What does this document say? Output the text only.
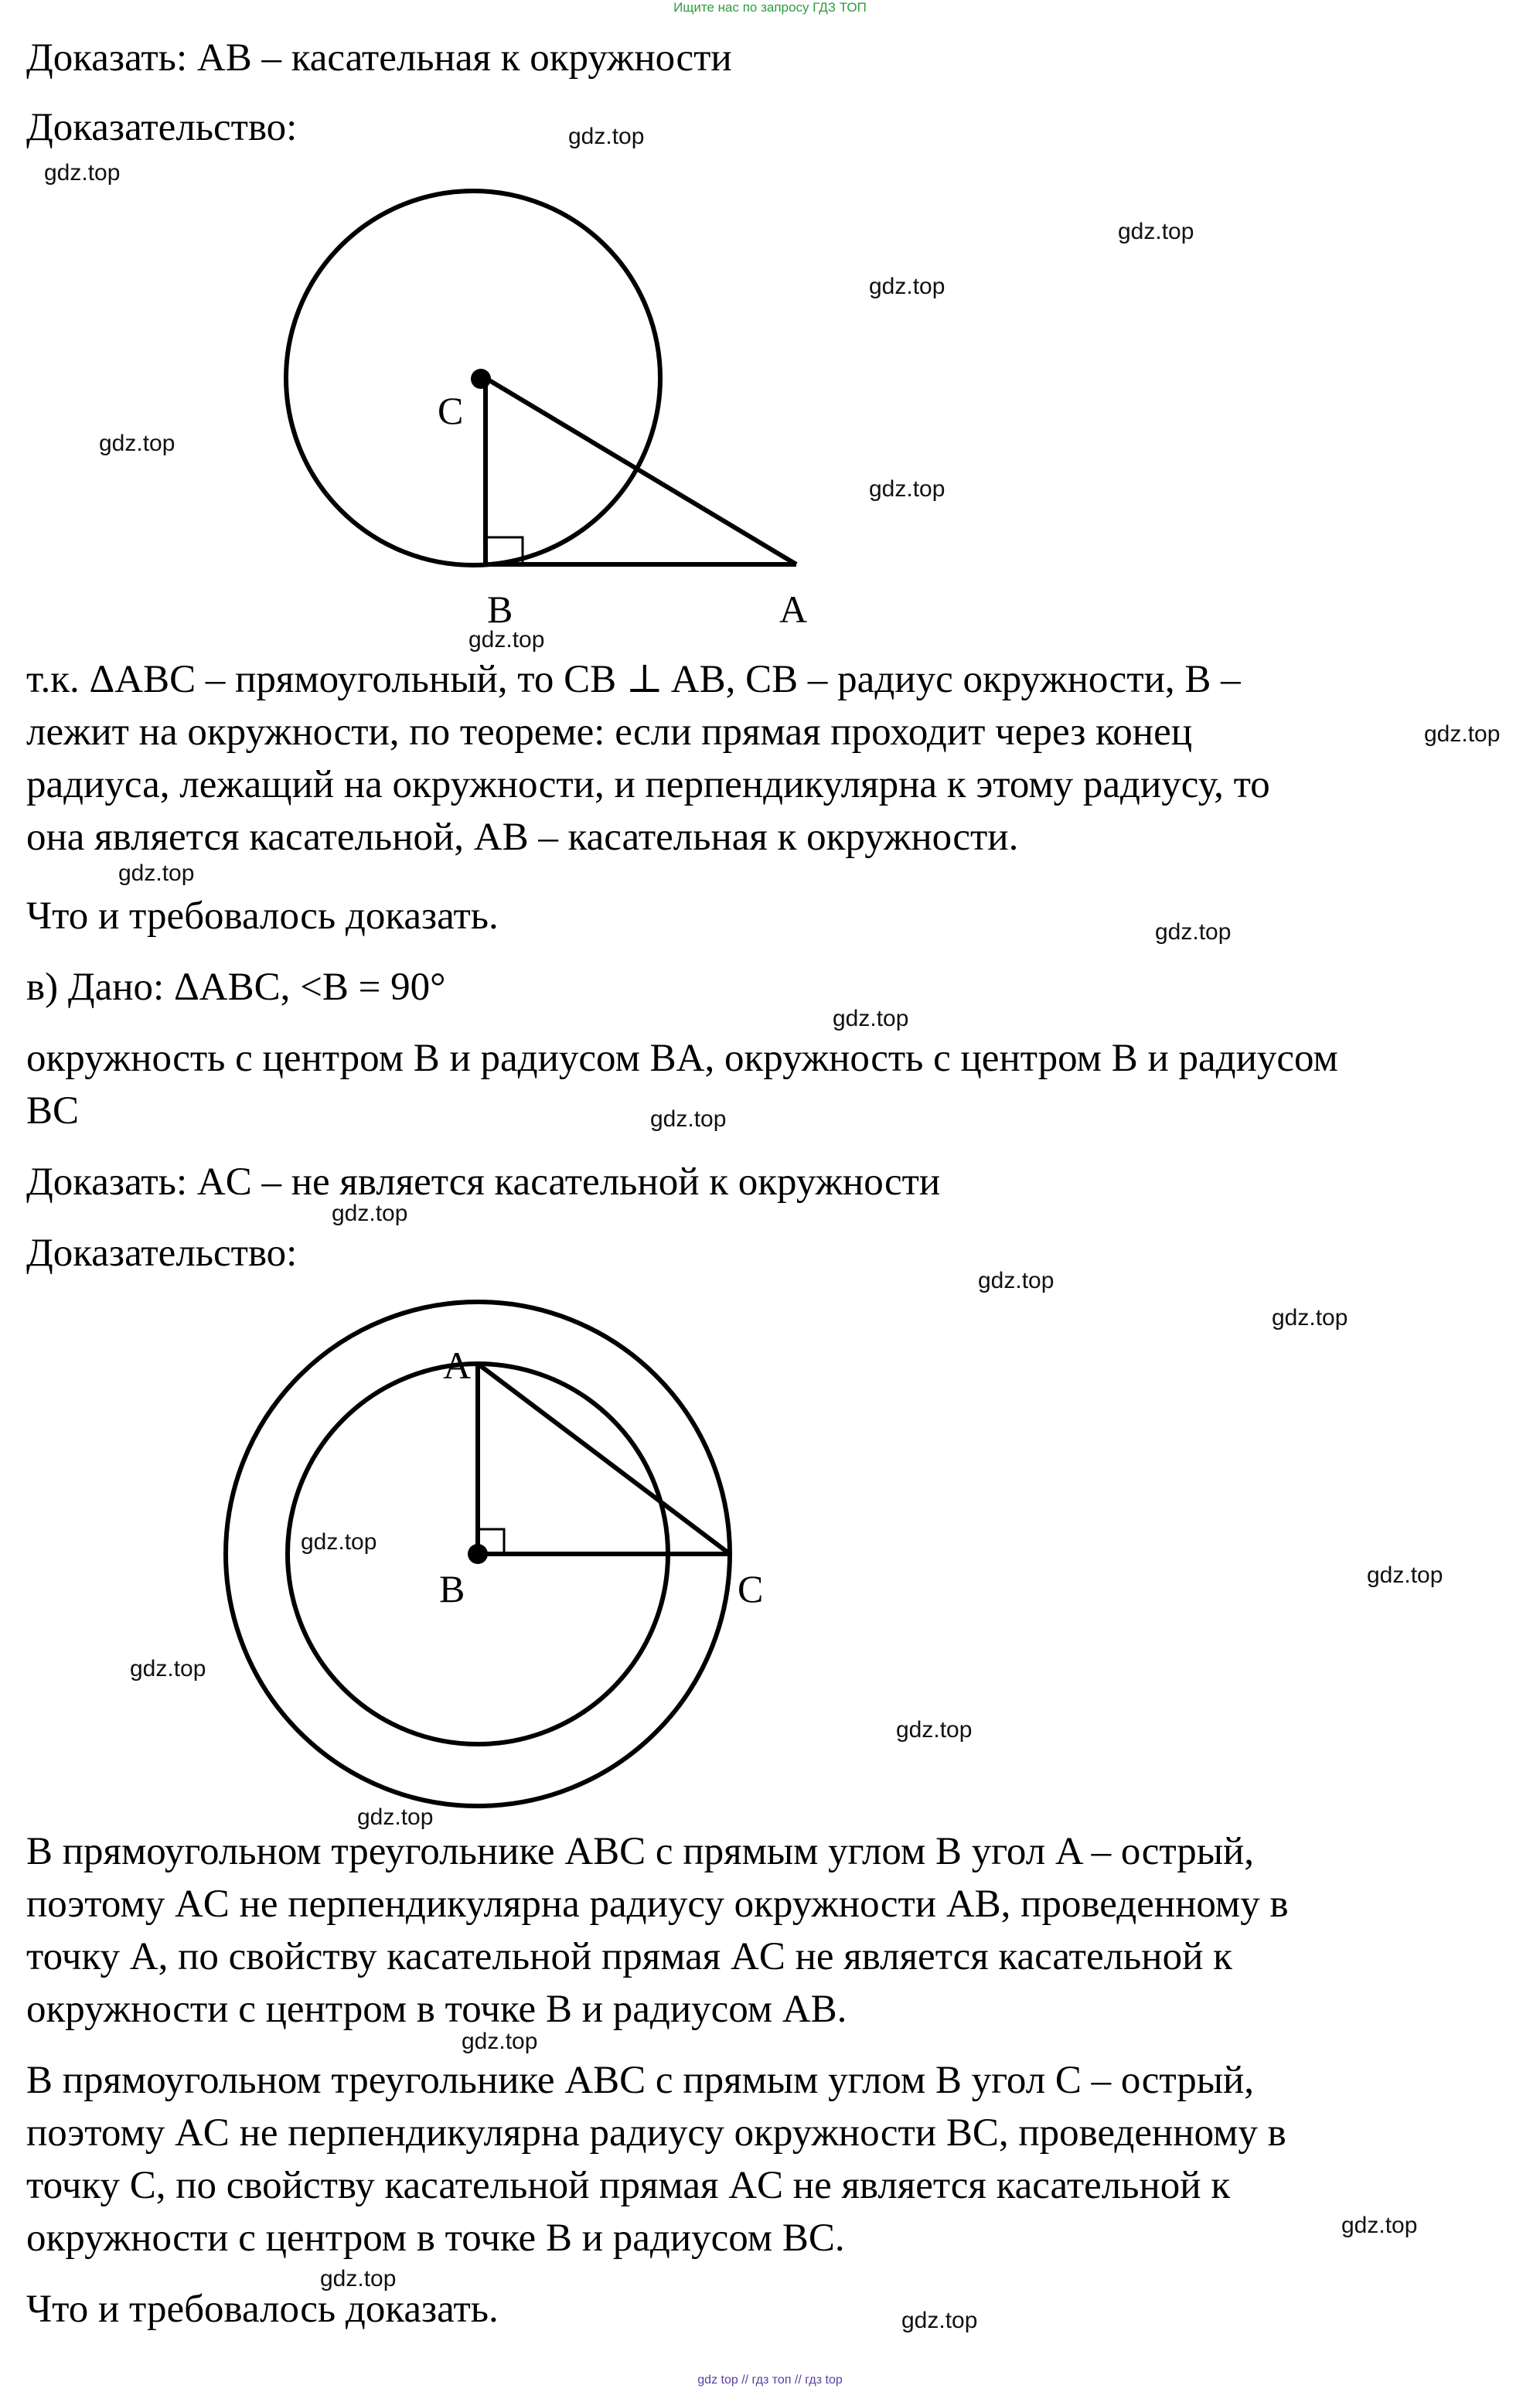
Ищите нас по запросу ГДЗ ТОП
Доказать: AB – касательная к окружности
Доказательство:
C
B	A
т.к. ΔABC – прямоугольный, то CB ⊥ AB, CB – радиус окружности, B –
лежит на окружности, по теореме: если прямая проходит через конец
радиуса, лежащий на окружности, и перпендикулярна к этому радиусу, то
она является касательной, AB – касательная к окружности.
Что и требовалось доказать.
в) Дано: ΔABC, <B = 90°
окружность с центром B и радиусом BA, окружность с центром B и радиусом
BC
Доказать: AC – не является касательной к окружности
Доказательство:
A
B	C
В прямоугольном треугольнике ABC с прямым углом B угол A – острый,
поэтому AC не перпендикулярна радиусу окружности AB, проведенному в
точку A, по свойству касательной прямая AC не является касательной к
окружности с центром в точке B и радиусом AB.
В прямоугольном треугольнике ABC с прямым углом B угол C – острый,
поэтому AC не перпендикулярна радиусу окружности BC, проведенному в
точку C, по свойству касательной прямая AC не является касательной к
окружности с центром в точке B и радиусом BC.
Что и требовалось доказать.
gdz.top
gdz.top
gdz.top
gdz.top
gdz.top
gdz.top
gdz.top
gdz.top
gdz.top
gdz.top
gdz.top
gdz.top
gdz.top
gdz.top
gdz.top
gdz.top
gdz.top
gdz.top
gdz.top
gdz.top
gdz.top
gdz.top
gdz.top
gdz.top
gdz top // гдз топ // гдз top
